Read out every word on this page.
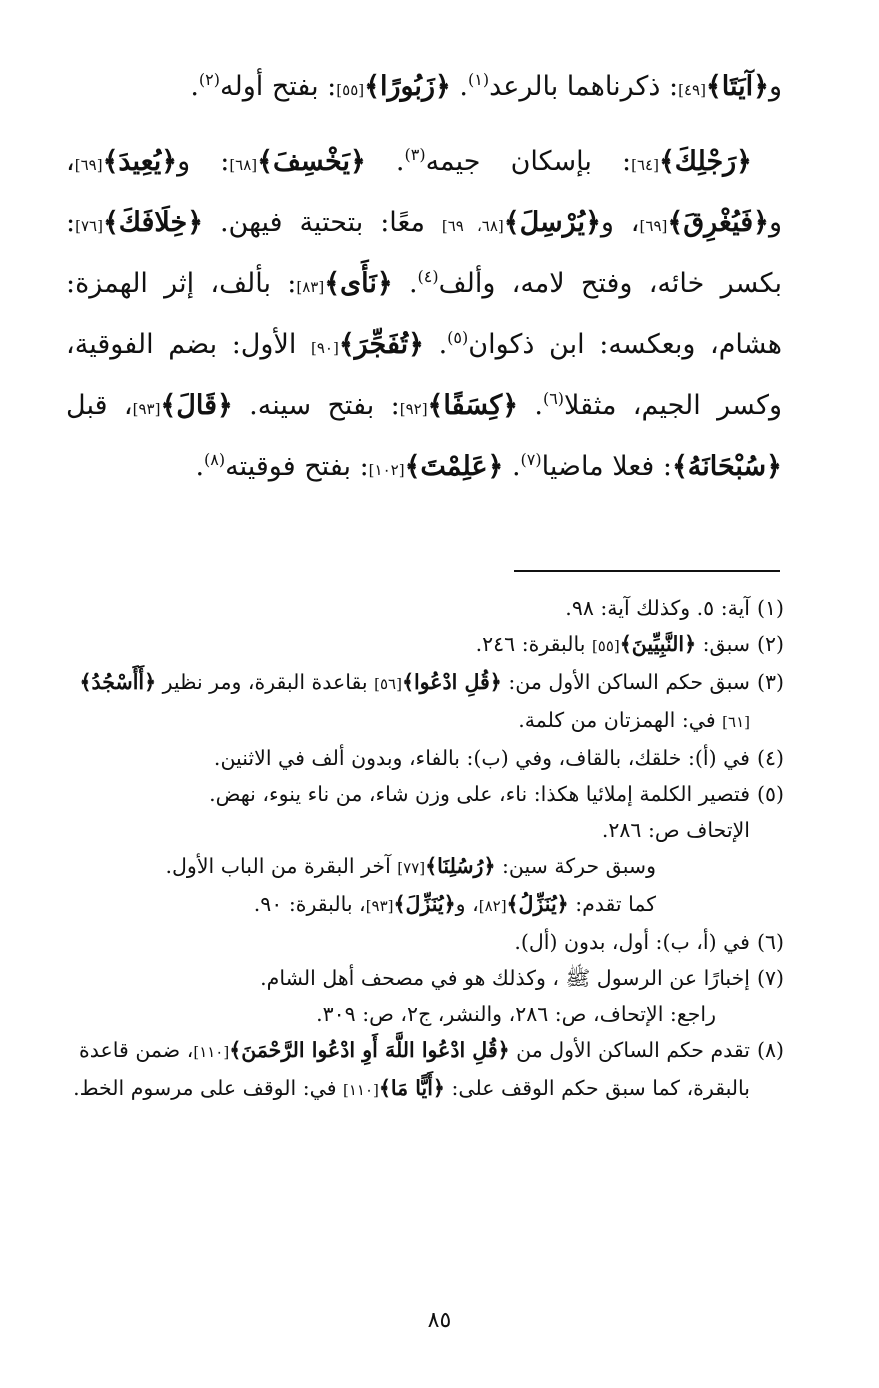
و﴿آيَتَا﴾[٤٩]: ذكرناهما بالرعد$^{(١)}$. ﴿زَبُورًا﴾[٥٥]: بفتح أوله$^{(٢)}$.

﴿رَجْلِكَ﴾[٦٤]: بإسكان جيمه$^{(٣)}$. ﴿يَخْسِفَ﴾[٦٨]: و﴿يُعِيدَ﴾[٦٩]، و﴿فَيُغْرِقَ﴾[٦٩]، و﴿يُرْسِلَ﴾[٦٨، ٦٩] معًا: بتحتية فيهن. ﴿خِلَافَكَ﴾[٧٦]: بكسر خائه، وفتح لامه، وألف$^{(٤)}$. ﴿نَأَى﴾[٨٣]: بألف، إثر الهمزة: هشام، وبعكسه: ابن ذكوان$^{(٥)}$. ﴿تُفَجِّرَ﴾[٩٠] الأول: بضم الفوقية، وكسر الجيم، مثقلا$^{(٦)}$. ﴿كِسَفًا﴾[٩٢]: بفتح سينه. ﴿قَالَ﴾[٩٣]، قبل ﴿سُبْحَانَهُ﴾: فعلا ماضيا$^{(٧)}$. ﴿عَلِمْتَ﴾[١٠٢]: بفتح فوقيته$^{(٨)}$.

(١)
آية: ٥. وكذلك آية: ٩٨.
(٢)
سبق: ﴿النَّبِيِّينَ﴾[٥٥] بالبقرة: ٢٤٦.
(٣)
سبق حكم الساكن الأول من: ﴿قُلِ ادْعُوا﴾[٥٦] بقاعدة البقرة، ومر نظير ﴿أَأَسْجُدُ﴾[٦١] في: الهمزتان من كلمة.
(٤)
في (أ): خلقك، بالقاف، وفي (ب): بالفاء، وبدون ألف في الاثنين.
(٥)
فتصير الكلمة إملائيا هكذا: ناء، على وزن شاء، من ناء ينوء، نهض.
الإتحاف ص: ٢٨٦.
وسبق حركة سين: ﴿رُسُلِنَا﴾[٧٧] آخر البقرة من الباب الأول.
كما تقدم: ﴿يُنَزِّلُ﴾[٨٢]، و﴿يُنَزِّلَ﴾[٩٣]، بالبقرة: ٩٠.
(٦)
في (أ، ب): أول، بدون (أل).
(٧)
إخبارًا عن الرسول ﷺ ، وكذلك هو في مصحف أهل الشام.
راجع: الإتحاف، ص: ٢٨٦، والنشر، ج٢، ص: ٣٠٩.
(٨)
تقدم حكم الساكن الأول من ﴿قُلِ ادْعُوا اللَّهَ أَوِ ادْعُوا الرَّحْمَنَ﴾[١١٠]، ضمن قاعدة بالبقرة، كما سبق حكم الوقف على: ﴿أَيًّا مَا﴾[١١٠] في: الوقف على مرسوم الخط.
٨٥
